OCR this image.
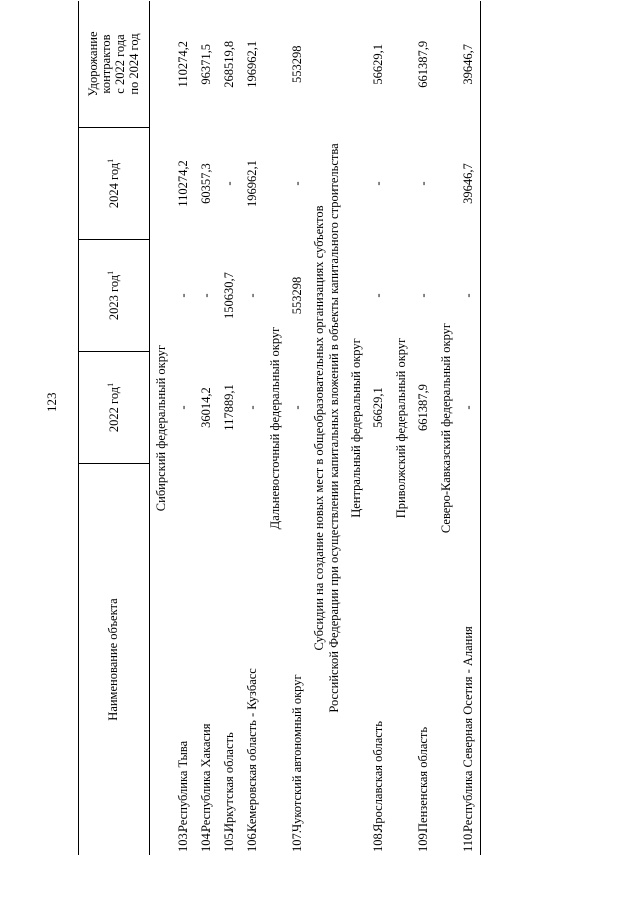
123
Наименование объекта	2022 год$^1$	2023 год$^1$	2024 год$^1$	Удорожание контрактов с 2022 года по 2024 год

Сибирский федеральный округ				
103.Республика Тыва	-	-	110274,2	110274,2
104.Республика Хакасия	36014,2	-	60357,3	96371,5
105.Иркутская область	117889,1	150630,7	-	268519,8
106.Кемеровская область - Кузбасс	-	-	196962,1	196962,1
Дальневосточный федеральный округ				
107.Чукотский автономный округ	-	553298	-	553298

Субсидии на создание новых мест в общеобразовательных организациях субъектов Российской Федерации при осуществлении капитальных вложений в объекты капитального строительства				

Центральный федеральный округ				
108.Ярославская область	56629,1	-	-	56629,1
Приволжский федеральный округ				
109.Пензенская область	661387,9	-	-	661387,9
Северо-Кавказский федеральный округ				
110.Республика Северная Осетия - Алания	-	-	39646,7	39646,7
